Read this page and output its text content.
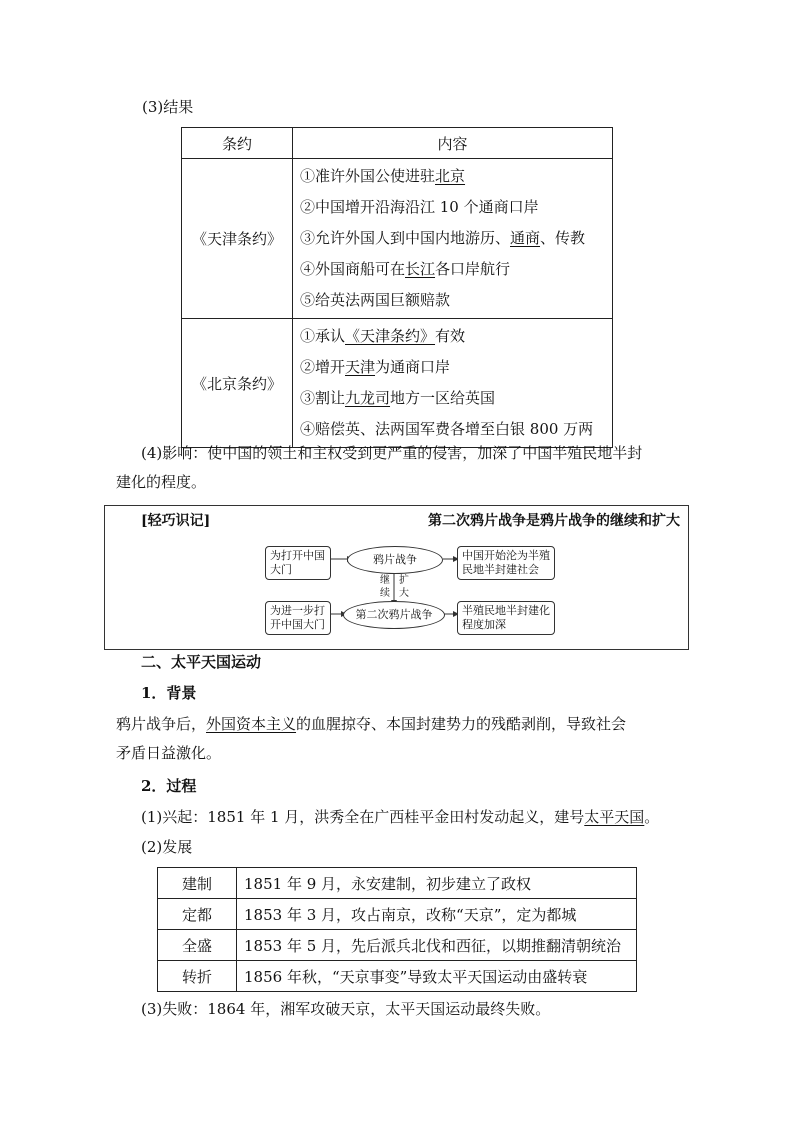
(3)结果
条约	内容
《天津条约》	①准许外国公使进驻北京
②中国增开沿海沿江 10 个通商口岸
③允许外国人到中国内地游历、通商、传教
④外国商船可在长江各口岸航行
⑤给英法两国巨额赔款

《北京条约》	①承认《天津条约》有效
②增开天津为通商口岸
③割让九龙司地方一区给英国
④赔偿英、法两国军费各增至白银 800 万两
(4)影响：使中国的领土和主权受到更严重的侵害，加深了中国半殖民地半封
建化的程度。
[轻巧识记]	第二次鸦片战争是鸦片战争的继续和扩大
为打开中国大门
鸦片战争	中国开始沦为半殖民地半封建社会
继续
扩大
为进一步打开中国大门
第二次鸦片战争	半殖民地半封建化程度加深
二、太平天国运动
1．背景
鸦片战争后，外国资本主义的血腥掠夺、本国封建势力的残酷剥削，导致社会
矛盾日益激化。
2．过程
(1)兴起：1851 年 1 月，洪秀全在广西桂平金田村发动起义，建号太平天国。
(2)发展
建制	1851 年 9 月，永安建制，初步建立了政权
定都	1853 年 3 月，攻占南京，改称“天京”，定为都城
全盛	1853 年 5 月，先后派兵北伐和西征，以期推翻清朝统治
转折	1856 年秋，“天京事变”导致太平天国运动由盛转衰
(3)失败：1864 年，湘军攻破天京，太平天国运动最终失败。
